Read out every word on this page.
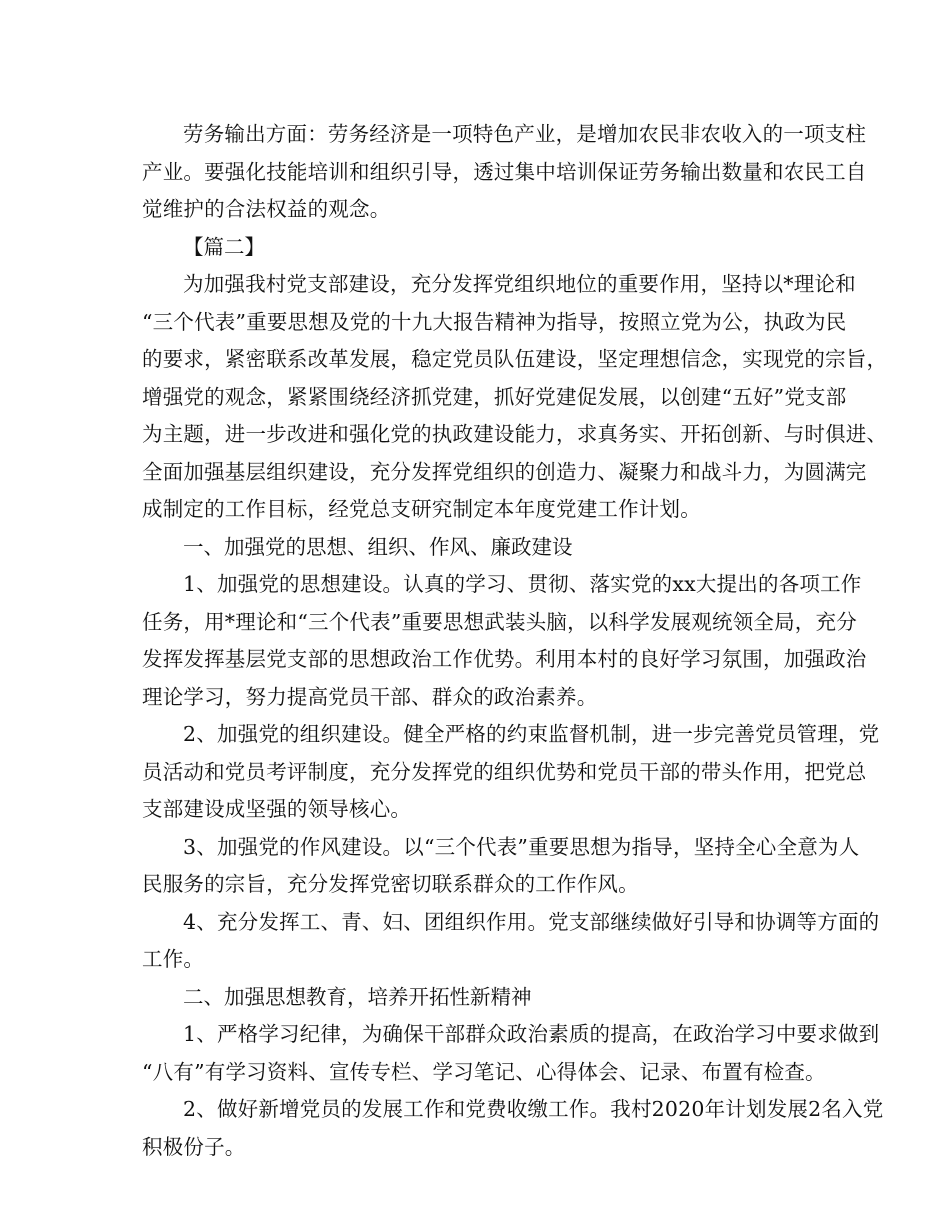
劳务输出方面：劳务经济是一项特色产业，是增加农民非农收入的一项支柱
产业。要强化技能培训和组织引导，透过集中培训保证劳务输出数量和农民工自
觉维护的合法权益的观念。

【篇二】

为加强我村党支部建设，充分发挥党组织地位的重要作用，坚持以*理论和
“三个代表”重要思想及党的十九大报告精神为指导，按照立党为公，执政为民
的要求，紧密联系改革发展，稳定党员队伍建设，坚定理想信念，实现党的宗旨，
增强党的观念，紧紧围绕经济抓党建，抓好党建促发展，以创建“五好”党支部
为主题，进一步改进和强化党的执政建设能力，求真务实、开拓创新、与时俱进、
全面加强基层组织建设，充分发挥党组织的创造力、凝聚力和战斗力，为圆满完
成制定的工作目标，经党总支研究制定本年度党建工作计划。

一、加强党的思想、组织、作风、廉政建设

1、加强党的思想建设。认真的学习、贯彻、落实党的xx大提出的各项工作
任务，用*理论和“三个代表”重要思想武装头脑，以科学发展观统领全局，充分
发挥发挥基层党支部的思想政治工作优势。利用本村的良好学习氛围，加强政治
理论学习，努力提高党员干部、群众的政治素养。

2、加强党的组织建设。健全严格的约束监督机制，进一步完善党员管理，党
员活动和党员考评制度，充分发挥党的组织优势和党员干部的带头作用，把党总
支部建设成坚强的领导核心。

3、加强党的作风建设。以“三个代表”重要思想为指导，坚持全心全意为人
民服务的宗旨，充分发挥党密切联系群众的工作作风。

4、充分发挥工、青、妇、团组织作用。党支部继续做好引导和协调等方面的
工作。

二、加强思想教育，培养开拓性新精神

1、严格学习纪律，为确保干部群众政治素质的提高，在政治学习中要求做到
“八有”有学习资料、宣传专栏、学习笔记、心得体会、记录、布置有检查。

2、做好新增党员的发展工作和党费收缴工作。我村2020年计划发展2名入党
积极份子。
